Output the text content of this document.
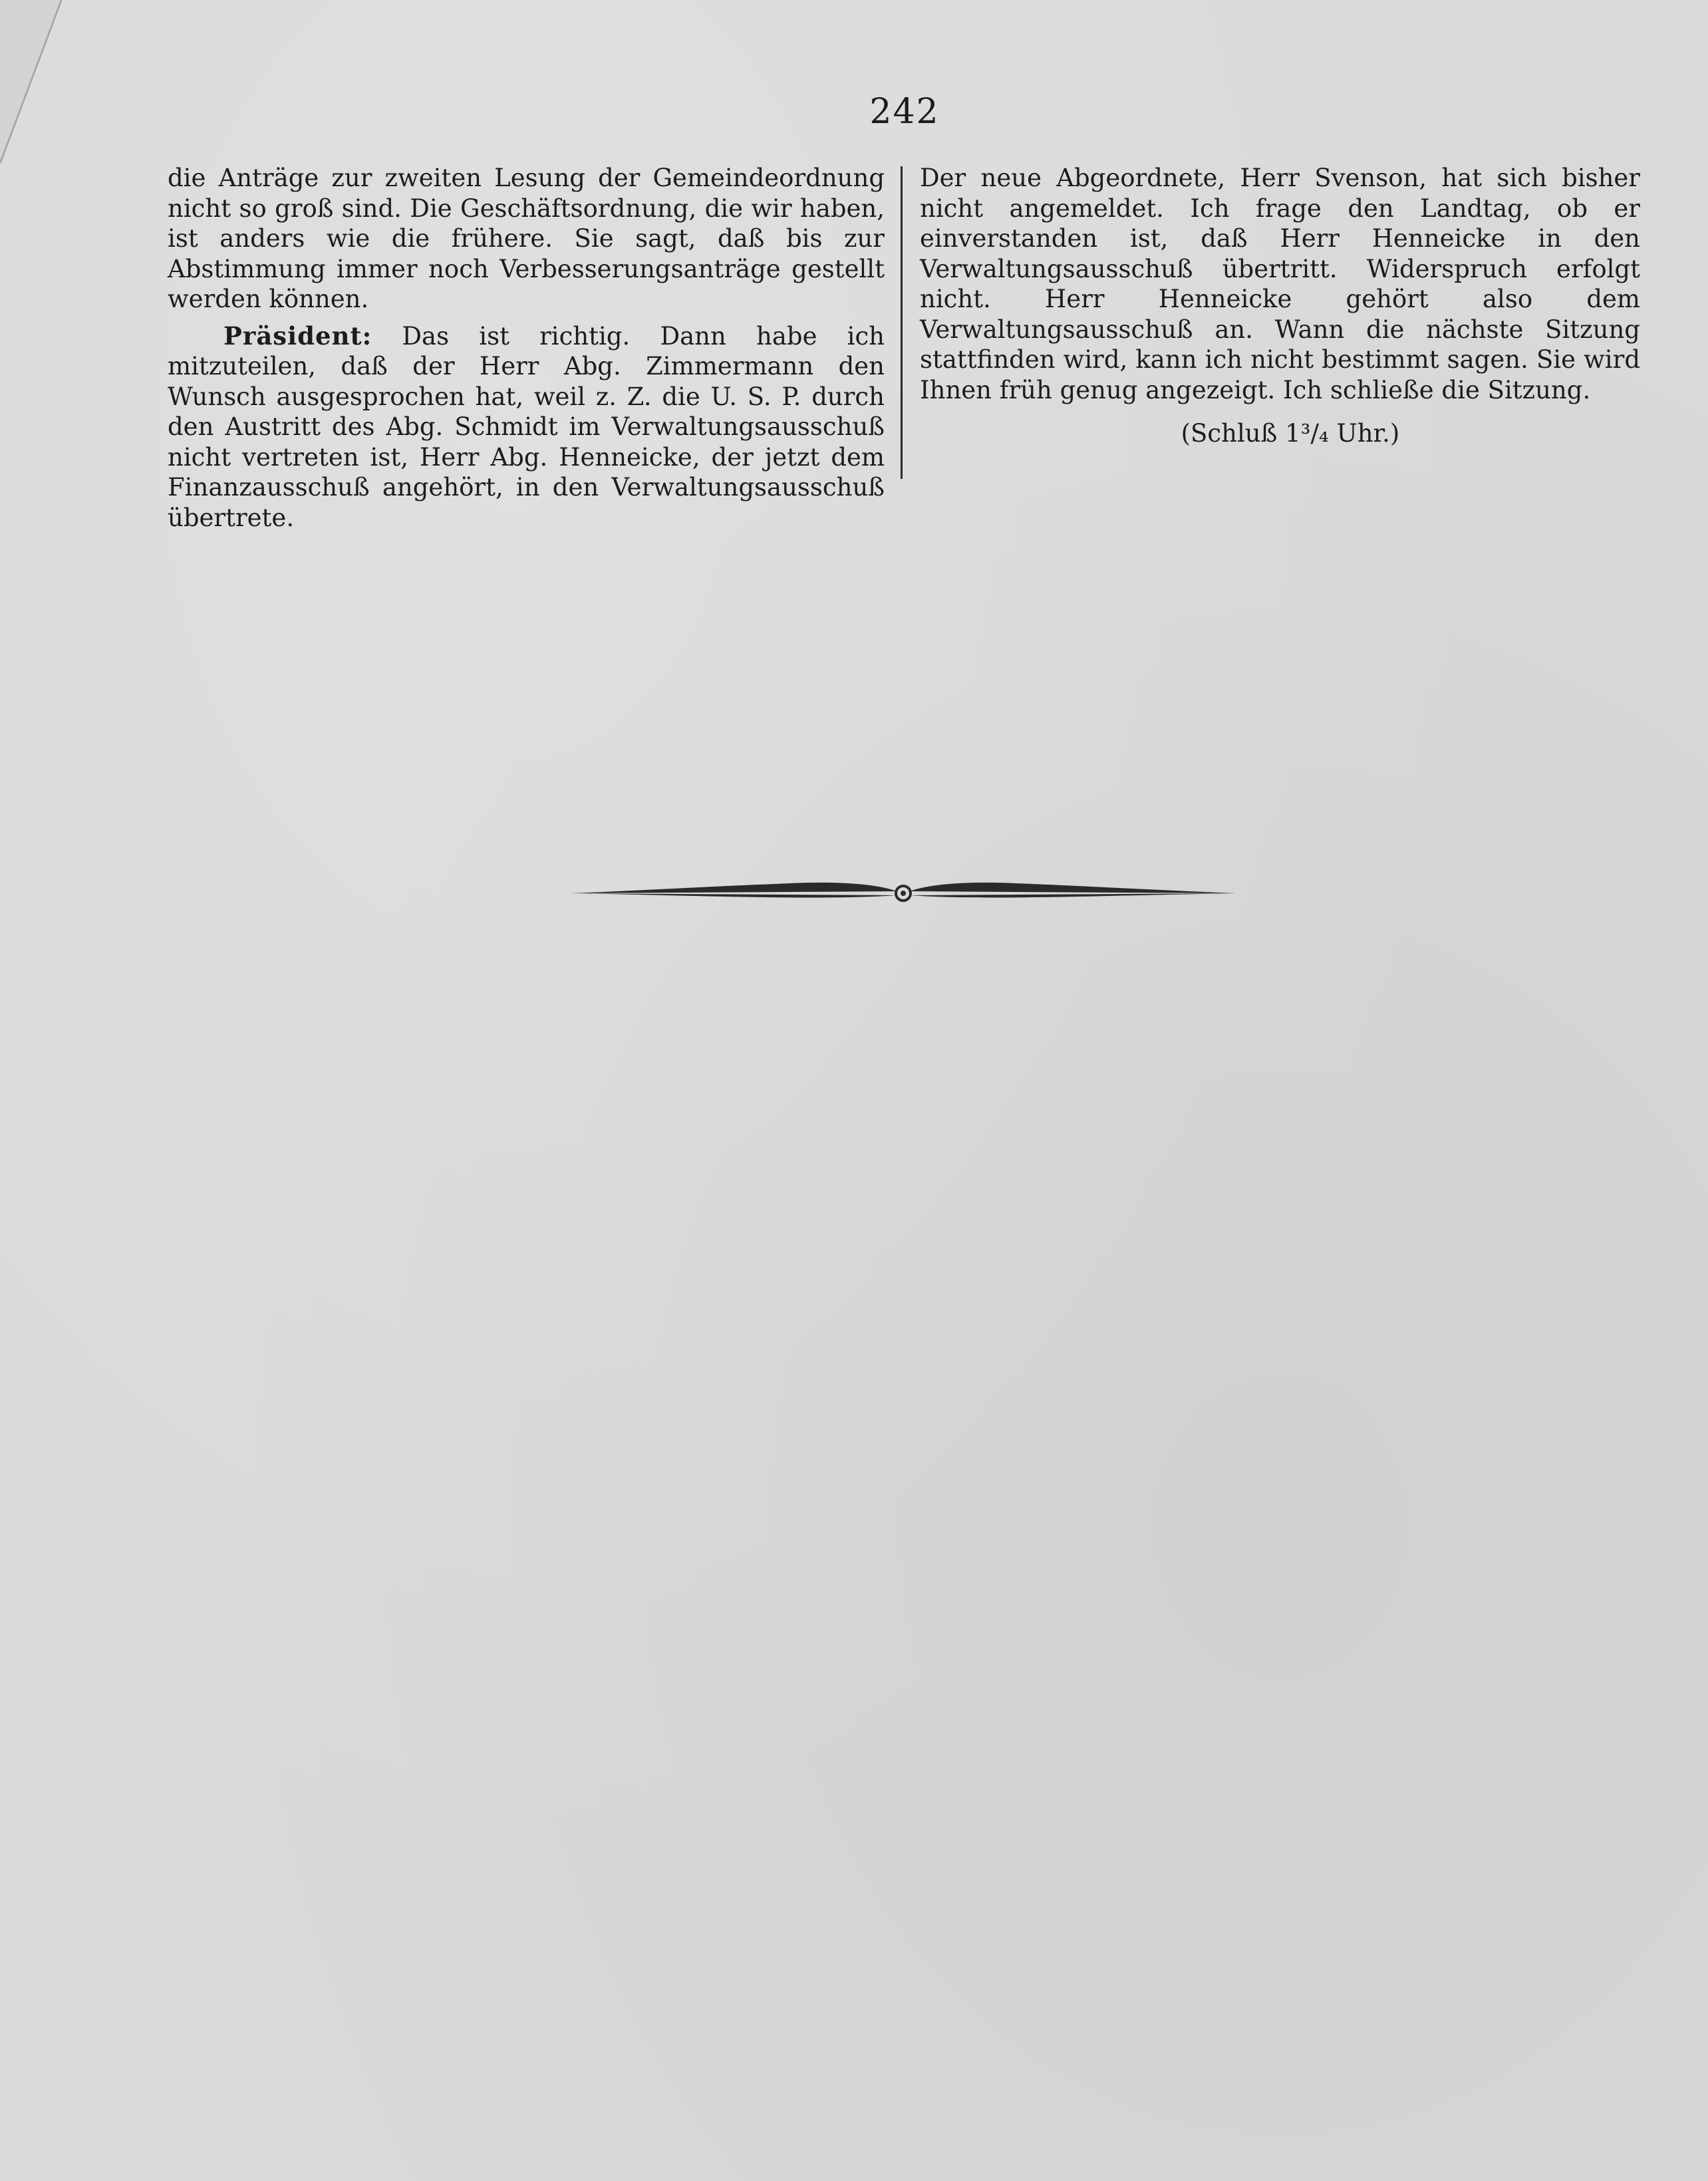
242

die Anträge zur zweiten Lesung der Gemeindeordnung nicht so groß sind. Die Geschäftsordnung, die wir haben, ist anders wie die frühere. Sie sagt, daß bis zur Abstimmung immer noch Verbesserungsanträge gestellt werden können.

Präsident: Das ist richtig. Dann habe ich mitzuteilen, daß der Herr Abg. Zimmermann den Wunsch ausgesprochen hat, weil z. Z. die U. S. P. durch den Austritt des Abg. Schmidt im Verwaltungsausschuß nicht vertreten ist, Herr Abg. Henneicke, der jetzt dem Finanzausschuß angehört, in den Verwaltungsausschuß übertrete.

Der neue Abgeordnete, Herr Svenson, hat sich bisher nicht angemeldet. Ich frage den Landtag, ob er einverstanden ist, daß Herr Henneicke in den Verwaltungsausschuß übertritt. Widerspruch erfolgt nicht. Herr Henneicke gehört also dem Verwaltungsausschuß an. Wann die nächste Sitzung stattfinden wird, kann ich nicht bestimmt sagen. Sie wird Ihnen früh genug angezeigt. Ich schließe die Sitzung.

(Schluß 1³/₄ Uhr.)
